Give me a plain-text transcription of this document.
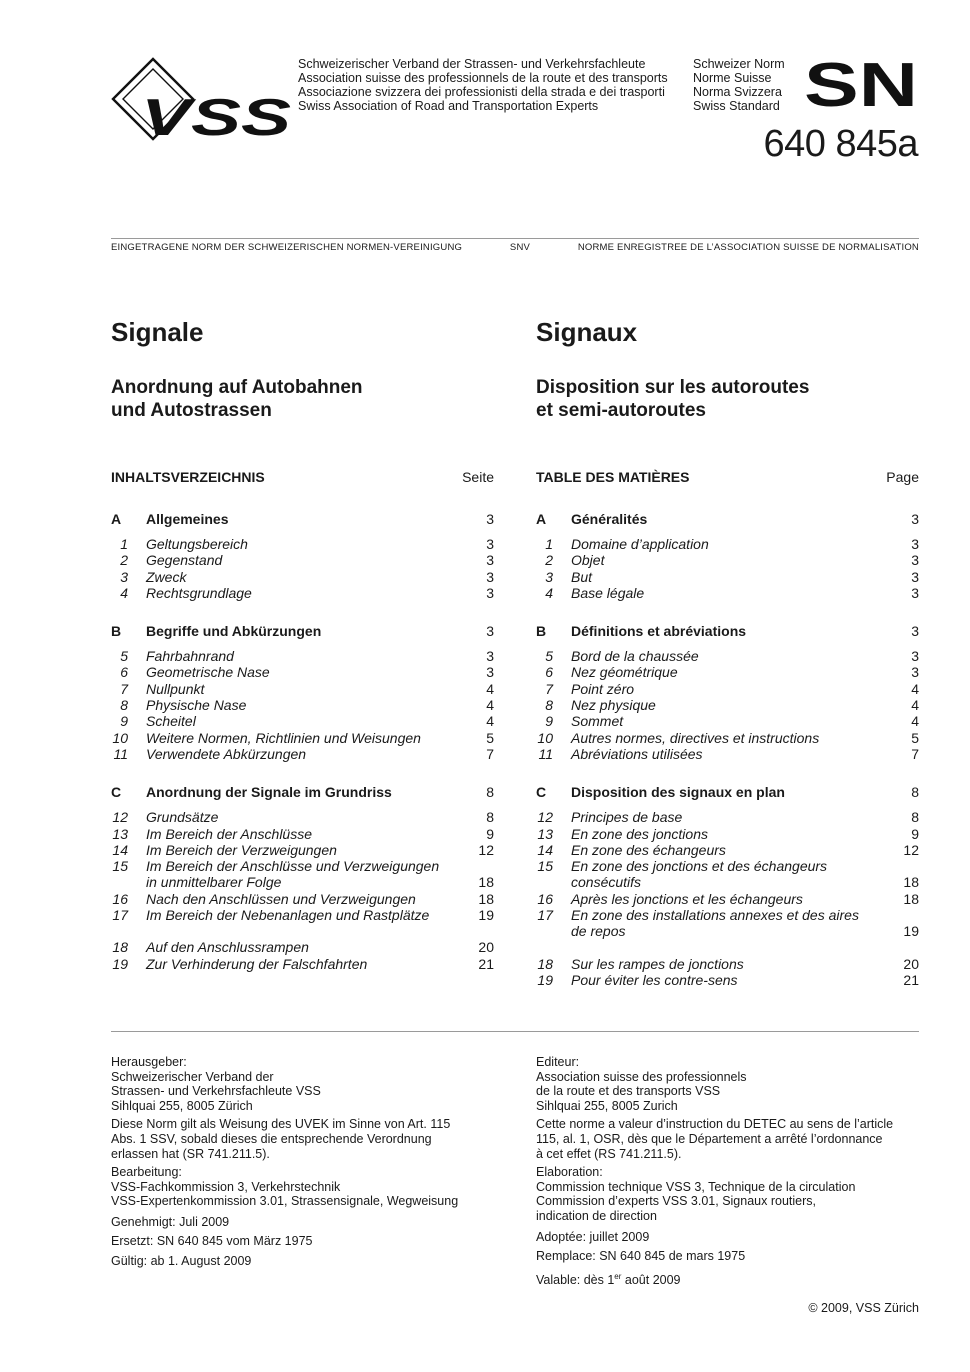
VSS
Schweizerischer Verband der Strassen- und Verkehrsfachleute
Association suisse des professionnels de la route et des transports
Associazione svizzera dei professionisti della strada e dei trasporti
Swiss Association of Road and Transportation Experts
Schweizer Norm
Norme Suisse
Norma Svizzera
Swiss Standard SN
640 845a
EINGETRAGENE NORM DER SCHWEIZERISCHEN NORMEN-VEREINIGUNG	SNV	NORME ENREGISTREE DE L’ASSOCIATION SUISSE DE NORMALISATION
Signale	Signaux
Anordnung auf Autobahnen
und Autostrassen
Disposition sur les autoroutes
et semi-autoroutes
INHALTSVERZEICHNIS	Seite
A	Allgemeines	3
1	Geltungsbereich	3
2	Gegenstand	3
3	Zweck	3
4	Rechtsgrundlage	3
B	Begriffe und Abkürzungen	3
5	Fahrbahnrand	3
6	Geometrische Nase	3
7	Nullpunkt	4
8	Physische Nase	4
9	Scheitel	4
10	Weitere Normen, Richtlinien und Weisungen	5
11	Verwendete Abkürzungen	7
C	Anordnung der Signale im Grundriss	8
12	Grundsätze	8
13	Im Bereich der Anschlüsse	9
14	Im Bereich der Verzweigungen	12
15	Im Bereich der Anschlüsse und Verzweigungen
in unmittelbarer Folge	18
16	Nach den Anschlüssen und Verzweigungen	18
17	Im Bereich der Nebenanlagen und Rastplätze	19
18	Auf den Anschlussrampen	20
19	Zur Verhinderung der Falschfahrten	21
TABLE DES MATIÈRES	Page
A	Généralités	3
1	Domaine d’application	3
2	Objet	3
3	But	3
4	Base légale	3
B	Définitions et abréviations	3
5	Bord de la chaussée	3
6	Nez géométrique	3
7	Point zéro	4
8	Nez physique	4
9	Sommet	4
10	Autres normes, directives et instructions	5
11	Abréviations utilisées	7
C	Disposition des signaux en plan	8
12	Principes de base	8
13	En zone des jonctions	9
14	En zone des échangeurs	12
15	En zone des jonctions et des échangeurs
consécutifs	18
16	Après les jonctions et les échangeurs	18
17	En zone des installations annexes et des aires
de repos	19
18	Sur les rampes de jonctions	20
19	Pour éviter les contre-sens	21

Herausgeber:
Schweizerischer Verband der
Strassen- und Verkehrsfachleute VSS
Sihlquai 255, 8005 Zürich

Diese Norm gilt als Weisung des UVEK im Sinne von Art. 115
Abs. 1 SSV, sobald dieses die entsprechende Verordnung
erlassen hat (SR 741.211.5).

Bearbeitung:
VSS-Fachkommission 3, Verkehrstechnik
VSS-Expertenkommission 3.01, Strassensignale, Wegweisung

Genehmigt: Juli 2009

Ersetzt: SN 640 845 vom März 1975

Gültig: ab 1. August 2009

Editeur:
Association suisse des professionnels
de la route et des transports VSS
Sihlquai 255, 8005 Zurich

Cette norme a valeur d’instruction du DETEC au sens de l’article
115, al. 1, OSR, dès que le Département a arrêté l’ordonnance
à cet effet (RS 741.211.5).

Elaboration:
Commission technique VSS 3, Technique de la circulation
Commission d’experts VSS 3.01, Signaux routiers,
indication de direction

Adoptée: juillet 2009

Remplace: SN 640 845 de mars 1975

Valable: dès 1er août 2009

© 2009, VSS Zürich
